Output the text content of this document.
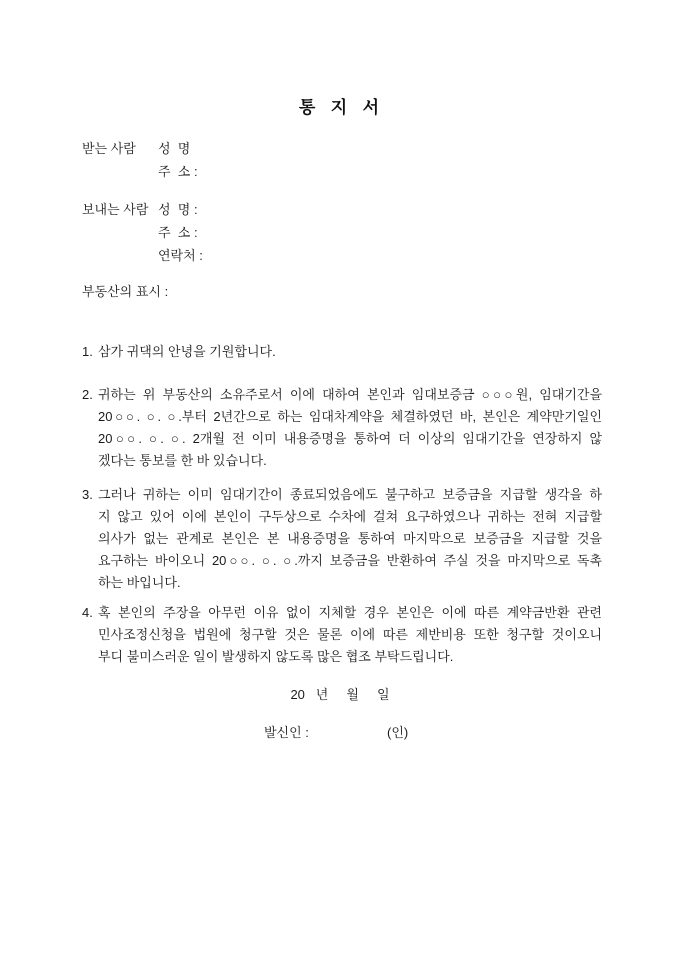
통  지  서
받는 사람 성  명
주  소 :
보내는 사람 성  명 :
주  소 :
연락처 :
부동산의 표시 :
1. 삼가 귀댁의 안녕을 기원합니다.
2. 귀하는 위 부동산의 소유주로서 이에 대하여 본인과 임대보증금 ○○○원, 임대기간을
20○○. ○. ○.부터 2년간으로 하는 임대차계약을 체결하였던 바, 본인은 계약만기일인
20○○. ○. ○. 2개월 전 이미 내용증명을 통하여 더 이상의 임대기간을 연장하지 않
겠다는 통보를 한 바 있습니다.
3. 그러나 귀하는 이미 임대기간이 종료되었음에도 불구하고 보증금을 지급할 생각을 하
지 않고 있어 이에 본인이 구두상으로 수차에 걸쳐 요구하였으나 귀하는 전혀 지급할
의사가 없는 관계로 본인은 본 내용증명을 통하여 마지막으로 보증금을 지급할 것을
요구하는 바이오니 20○○. ○. ○.까지 보증금을 반환하여 주실 것을 마지막으로 독촉
하는 바입니다.
4. 혹 본인의 주장을 아무런 이유 없이 지체할 경우 본인은 이에 따른 계약금반환 관련
민사조정신청을 법원에 청구할 것은 물론 이에 따른 제반비용 또한 청구할 것이오니
부디 불미스러운 일이 발생하지 않도록 많은 협조 부탁드립니다.
20   년     월     일
발신인 :	(인)
